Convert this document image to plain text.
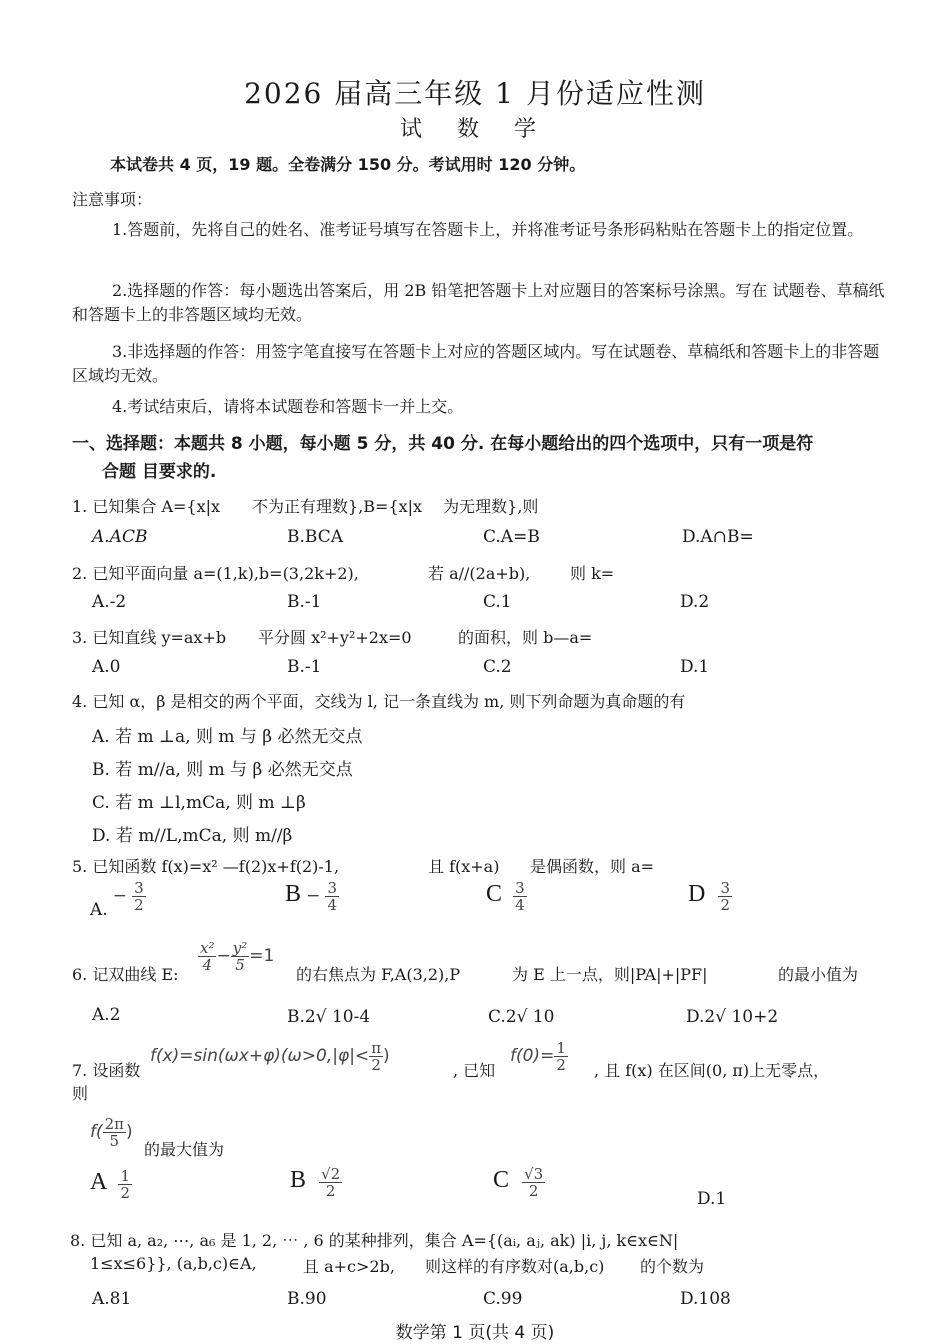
2026 届高三年级 1 月份适应性测
试 数 学
本试卷共 4 页，19 题。全卷满分 150 分。考试用时 120 分钟。
注意事项：
1.答题前，先将自己的姓名、准考证号填写在答题卡上，并将准考证号条形码粘贴在答题卡上的指定位置。
2.选择题的作答：每小题选出答案后，用 2B 铅笔把答题卡上对应题目的答案标号涂黑。写在 试题卷、草稿纸和答题卡上的非答题区域均无效。
3.非选择题的作答：用签字笔直接写在答题卡上对应的答题区域内。写在试题卷、草稿纸和答题卡上的非答题区域均无效。
4.考试结束后，请将本试题卷和答题卡一并上交。
一、选择题：本题共 8 小题，每小题 5 分，共 40 分. 在每小题给出的四个选项中，只有一项是符
合题 目要求的.
1. 已知集合 A={x|x　　不为正有理数},B={x|x　 为无理数},则
A.ACB	B.BCA	C.A=B	D.A∩B=
2. 已知平面向量 a=(1,k),b=(3,2k+2),	若 a//(2a+b), 则 k=
A.-2	B.-1	C.1	D.2
3. 已知直线 y=ax+b 平分圆 x²+y²+2x=0	的面积，则 b—a=
A.0	B.-1	C.2	D.1
4. 已知 α，β 是相交的两个平面，交线为 l, 记一条直线为 m, 则下列命题为真命题的有
A. 若 m ⊥a, 则 m 与 β 必然无交点
B. 若 m//a, 则 m 与 β 必然无交点
C. 若 m ⊥l,mCa, 则 m ⊥β
D. 若 m//L,mCa, 则 m//β
5. 已知函数 f(x)=x² —f(2)x+f(2)-1,	且 f(x+a) 是偶函数，则 a=
A. − $\frac{3}{2}$	$B - \frac{3}{4}$	C $\frac{3}{4}$	D $\frac{3}{2}$
6. 记双曲线 E:
$\frac{\text{x²}}{4} - \frac{\text{y²}}{5} =1$
的右焦点为 F,A(3,2),P	为 E 上一点，则|PA|+|PF|	的最小值为
A.2	B.2√ 10-4	C.2√ 10	D.2√ 10+2
7. 设函数
$f(x)=\sin(\omega x+\varphi)(\omega>0,|\varphi|< \frac{\pi}{2}$ )
, 已知
$f(0)= \frac{1}{2}$ , 且 f(x) 在区间(0, π)上无零点，
则
$f( \frac{2\pi}{5}$ )
的最大值为
A $\frac{1}{2}$	B $\frac{√2}{2}$	C $\frac{√3}{2}$	D.1
8. 已知 a, a₂, ⋯, a₆ 是 1, 2, ⋯ , 6 的某种排列，集合 A={(aᵢ, aⱼ, ak) |i, j, k∈x∈N|
1≤x≤6}}, (a,b,c)∈A,	且 a+c>2b, 则这样的有序数对(a,b,c) 的个数为
A.81	B.90	C.99	D.108
数学第 1 页(共 4 页)
